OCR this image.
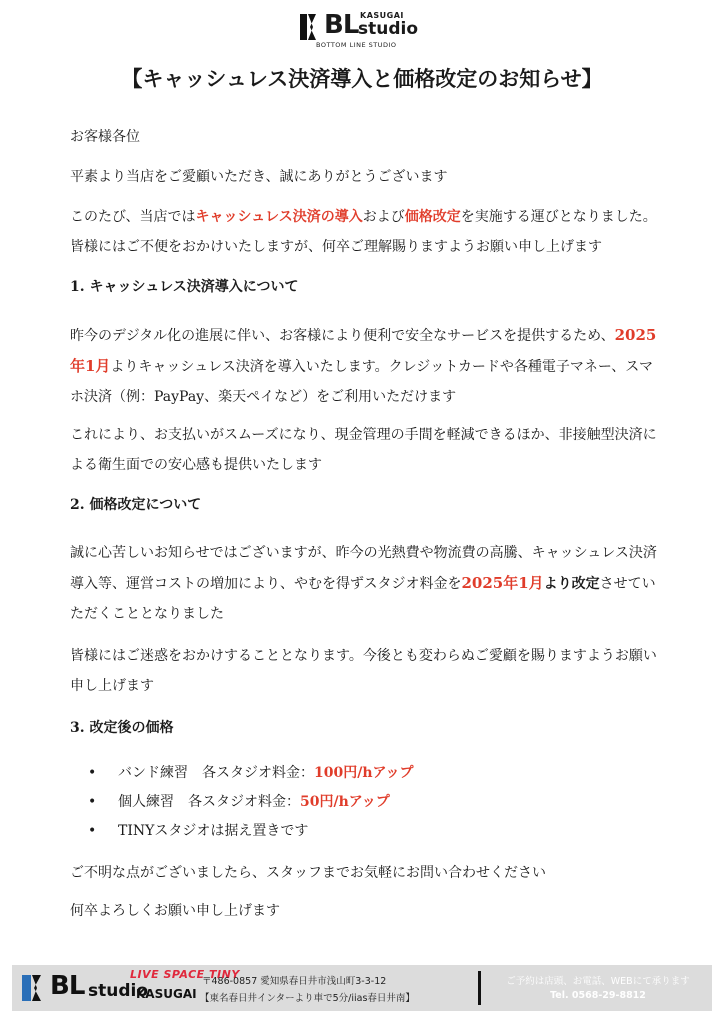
BL KASUGAI
studio
BOTTOM LINE STUDIO
【キャッシュレス決済導入と価格改定のお知らせ】

お客様各位

平素より当店をご愛顧いただき、誠にありがとうございます

このたび、当店ではキャッシュレス決済の導入および価格改定を実施する運びとなりました。皆様にはご不便をおかけいたしますが、何卒ご理解賜りますようお願い申し上げます

1. キャッシュレス決済導入について

昨今のデジタル化の進展に伴い、お客様により便利で安全なサービスを提供するため、2025年1月よりキャッシュレス決済を導入いたします。クレジットカードや各種電子マネー、スマホ決済（例：PayPay、楽天ペイなど）をご利用いただけます

これにより、お支払いがスムーズになり、現金管理の手間を軽減できるほか、非接触型決済による衛生面での安心感も提供いたします

2. 価格改定について

誠に心苦しいお知らせではございますが、昨今の光熱費や物流費の高騰、キャッシュレス決済導入等、運営コストの増加により、やむを得ずスタジオ料金を2025年1月より改定させていただくこととなりました

皆様にはご迷惑をおかけすることとなります。今後とも変わらぬご愛顧を賜りますようお願い申し上げます

3. 改定後の価格
• バンド練習　各スタジオ料金：100円/hアップ
• 個人練習　各スタジオ料金：50円/hアップ
• TINYスタジオは据え置きです

ご不明な点がございましたら、スタッフまでお気軽にお問い合わせください

何卒よろしくお願い申し上げます

BL studio
KASUGAI
LIVE SPACE TINY
〒486-0857 愛知県春日井市浅山町3-3-12
【東名春日井インターより車で5分/iias春日井南】
ご予約は店頭、お電話、WEBにて承ります
Tel. 0568-29-8812
